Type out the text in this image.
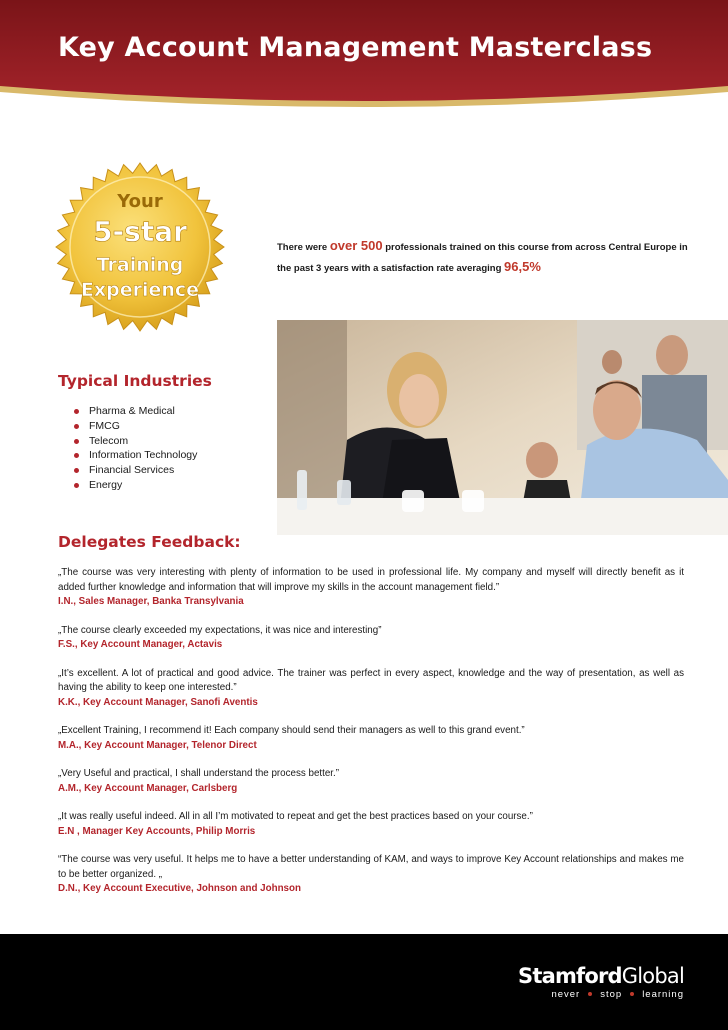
Key Account Management Masterclass
Your
5-star
Training
Experience
There were over 500 professionals trained on this course from across Central Europe in the past 3 years with a satisfaction rate averaging 96,5%
Typical Industries
Pharma & Medical
FMCG
Telecom
Information Technology
Financial Services
Energy
Delegates Feedback:
„The course was very interesting with plenty of information to be used in professional life. My company and myself will directly benefit as it added further knowledge and information that will improve my skills in the account management field.”
I.N., Sales Manager, Banka Transylvania
„The course clearly exceeded my expectations, it was nice and interesting”
F.S., Key Account Manager, Actavis
„It’s excellent. A lot of practical and good advice. The trainer was perfect in every aspect, knowledge and the way of presentation, as well as having the ability to keep one interested.”
K.K., Key Account Manager, Sanofi Aventis
„Excellent Training, I recommend it! Each company should send their managers as well to this grand event.”
M.A., Key Account Manager, Telenor Direct
„Very Useful and practical, I shall understand the process better.”
A.M., Key Account Manager, Carlsberg
„It was really useful indeed. All in all I’m motivated to repeat and get the best practices based on your course.”
E.N , Manager Key Accounts, Philip Morris
“The course was very useful. It helps me to have a better understanding of KAM, and ways to improve Key Account relationships and makes me to be better organized. „
D.N., Key Account Executive, Johnson and Johnson
StamfordGlobal
never stop learning
